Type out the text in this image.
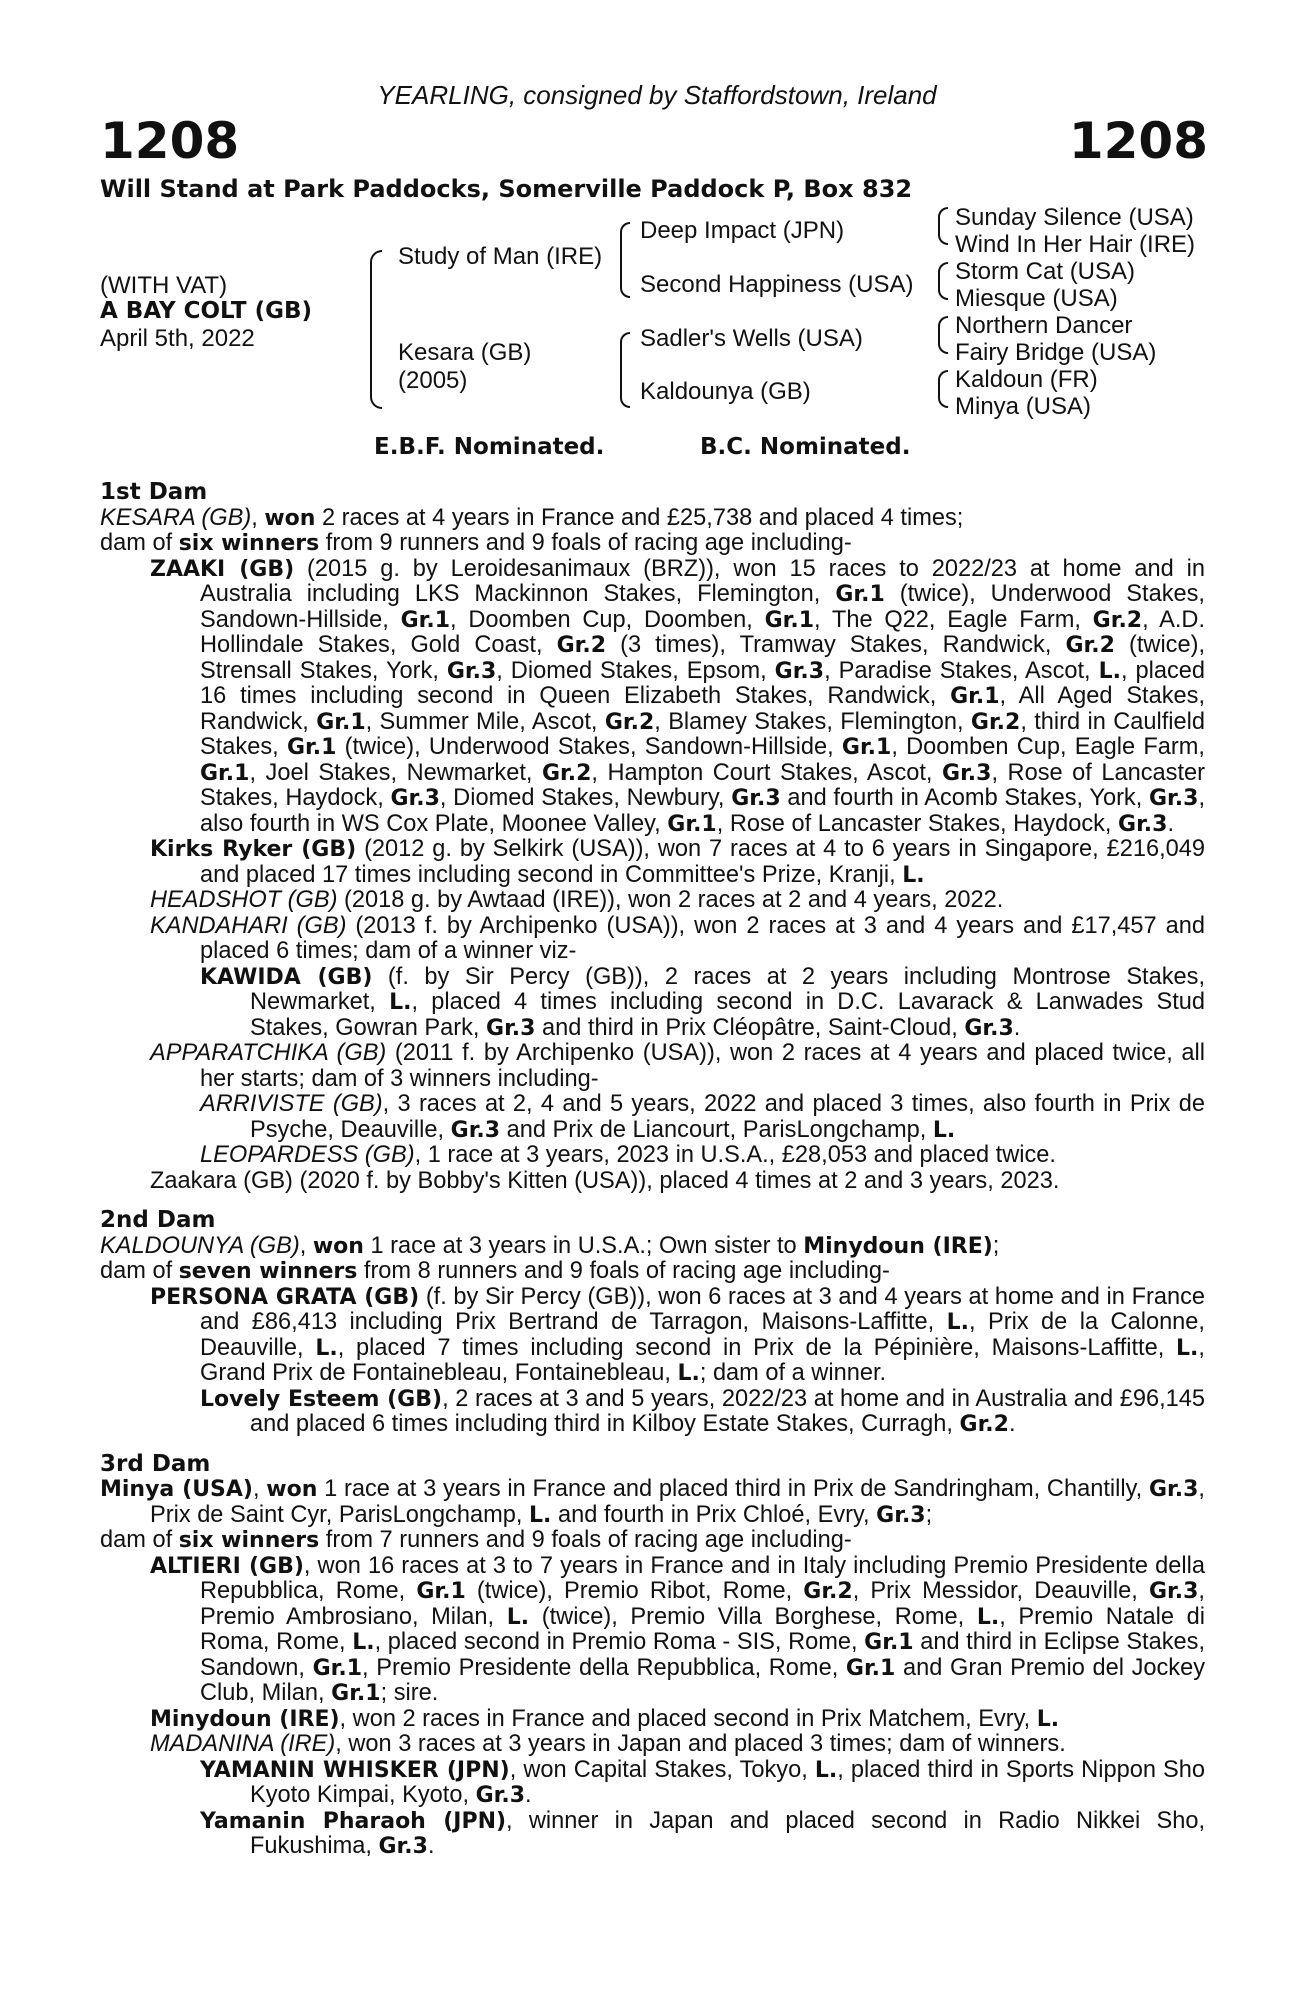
YEARLING, consigned by Staffordstown, Ireland
1208	1208
Will Stand at Park Paddocks, Somerville Paddock P, Box 832
(WITH VAT)
A BAY COLT (GB)
April 5th, 2022
Study of Man (IRE)
Kesara (GB)
(2005)
Deep Impact (JPN)
Second Happiness (USA)
Sadler's Wells (USA)
Kaldounya (GB)
Sunday Silence (USA)
Wind In Her Hair (IRE)
Storm Cat (USA)
Miesque (USA)
Northern Dancer
Fairy Bridge (USA)
Kaldoun (FR)
Minya (USA)
E.B.F. Nominated.	B.C. Nominated.

1st Dam

KESARA (GB), won 2 races at 4 years in France and £25,738 and placed 4 times;

dam of six winners from 9 runners and 9 foals of racing age including-

ZAAKI (GB) (2015 g. by Leroidesanimaux (BRZ)), won 15 races to 2022/23 at home and in Australia including LKS Mackinnon Stakes, Flemington, Gr.1 (twice), Underwood Stakes, Sandown-Hillside, Gr.1, Doomben Cup, Doomben, Gr.1, The Q22, Eagle Farm, Gr.2, A.D. Hollindale Stakes, Gold Coast, Gr.2 (3 times), Tramway Stakes, Randwick, Gr.2 (twice), Strensall Stakes, York, Gr.3, Diomed Stakes, Epsom, Gr.3, Paradise Stakes, Ascot, L., placed 16 times including second in Queen Elizabeth Stakes, Randwick, Gr.1, All Aged Stakes, Randwick, Gr.1, Summer Mile, Ascot, Gr.2, Blamey Stakes, Flemington, Gr.2, third in Caulfield Stakes, Gr.1 (twice), Underwood Stakes, Sandown-Hillside, Gr.1, Doomben Cup, Eagle Farm, Gr.1, Joel Stakes, Newmarket, Gr.2, Hampton Court Stakes, Ascot, Gr.3, Rose of Lancaster Stakes, Haydock, Gr.3, Diomed Stakes, Newbury, Gr.3 and fourth in Acomb Stakes, York, Gr.3, also fourth in WS Cox Plate, Moonee Valley, Gr.1, Rose of Lancaster Stakes, Haydock, Gr.3.

Kirks Ryker (GB) (2012 g. by Selkirk (USA)), won 7 races at 4 to 6 years in Singapore, £216,049 and placed 17 times including second in Committee's Prize, Kranji, L.

HEADSHOT (GB) (2018 g. by Awtaad (IRE)), won 2 races at 2 and 4 years, 2022.

KANDAHARI (GB) (2013 f. by Archipenko (USA)), won 2 races at 3 and 4 years and £17,457 and placed 6 times; dam of a winner viz-

KAWIDA (GB) (f. by Sir Percy (GB)), 2 races at 2 years including Montrose Stakes, Newmarket, L., placed 4 times including second in D.C. Lavarack & Lanwades Stud Stakes, Gowran Park, Gr.3 and third in Prix Cléopâtre, Saint-Cloud, Gr.3.

APPARATCHIKA (GB) (2011 f. by Archipenko (USA)), won 2 races at 4 years and placed twice, all her starts; dam of 3 winners including-

ARRIVISTE (GB), 3 races at 2, 4 and 5 years, 2022 and placed 3 times, also fourth in Prix de Psyche, Deauville, Gr.3 and Prix de Liancourt, ParisLongchamp, L.

LEOPARDESS (GB), 1 race at 3 years, 2023 in U.S.A., £28,053 and placed twice.

Zaakara (GB) (2020 f. by Bobby's Kitten (USA)), placed 4 times at 2 and 3 years, 2023.

2nd Dam

KALDOUNYA (GB), won 1 race at 3 years in U.S.A.; Own sister to Minydoun (IRE);

dam of seven winners from 8 runners and 9 foals of racing age including-

PERSONA GRATA (GB) (f. by Sir Percy (GB)), won 6 races at 3 and 4 years at home and in France and £86,413 including Prix Bertrand de Tarragon, Maisons-Laffitte, L., Prix de la Calonne, Deauville, L., placed 7 times including second in Prix de la Pépinière, Maisons-Laffitte, L., Grand Prix de Fontainebleau, Fontainebleau, L.; dam of a winner.

Lovely Esteem (GB), 2 races at 3 and 5 years, 2022/23 at home and in Australia and £96,145 and placed 6 times including third in Kilboy Estate Stakes, Curragh, Gr.2.

3rd Dam

Minya (USA), won 1 race at 3 years in France and placed third in Prix de Sandringham, Chantilly, Gr.3, Prix de Saint Cyr, ParisLongchamp, L. and fourth in Prix Chloé, Evry, Gr.3;

dam of six winners from 7 runners and 9 foals of racing age including-

ALTIERI (GB), won 16 races at 3 to 7 years in France and in Italy including Premio Presidente della Repubblica, Rome, Gr.1 (twice), Premio Ribot, Rome, Gr.2, Prix Messidor, Deauville, Gr.3, Premio Ambrosiano, Milan, L. (twice), Premio Villa Borghese, Rome, L., Premio Natale di Roma, Rome, L., placed second in Premio Roma - SIS, Rome, Gr.1 and third in Eclipse Stakes, Sandown, Gr.1, Premio Presidente della Repubblica, Rome, Gr.1 and Gran Premio del Jockey Club, Milan, Gr.1; sire.

Minydoun (IRE), won 2 races in France and placed second in Prix Matchem, Evry, L.

MADANINA (IRE), won 3 races at 3 years in Japan and placed 3 times; dam of winners.

YAMANIN WHISKER (JPN), won Capital Stakes, Tokyo, L., placed third in Sports Nippon Sho Kyoto Kimpai, Kyoto, Gr.3.

Yamanin Pharaoh (JPN), winner in Japan and placed second in Radio Nikkei Sho, Fukushima, Gr.3.
